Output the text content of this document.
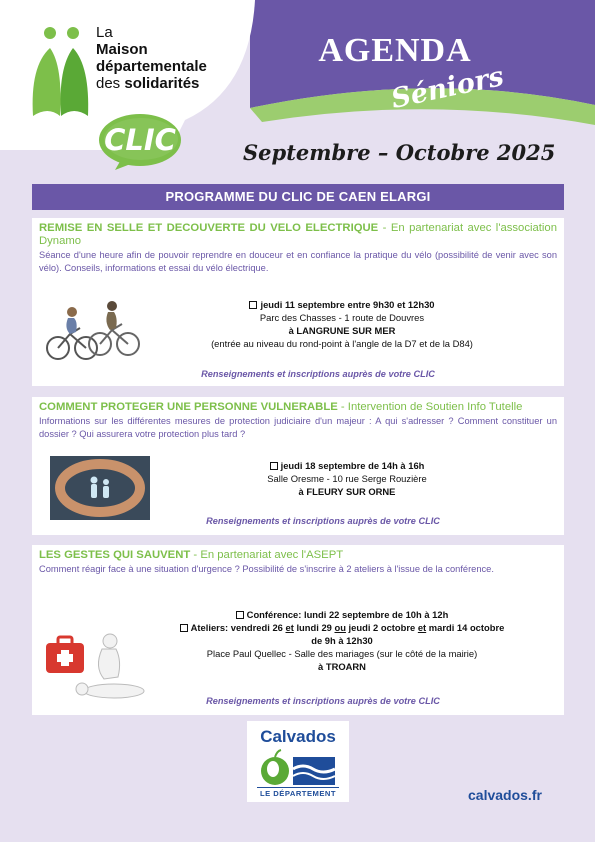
La
Maison
départementale
des solidarités
CLIC
AGENDA
Séniors
Septembre – Octobre 2025
PROGRAMME DU CLIC DE CAEN ELARGI
REMISE EN SELLE ET DECOUVERTE DU VELO ELECTRIQUE - En partenariat avec l'association Dynamo
Séance d'une heure afin de pouvoir reprendre en douceur et en confiance la pratique du vélo (possibilité de venir avec son vélo). Conseils, informations et essai du vélo électrique.
jeudi 11 septembre entre 9h30 et 12h30
Parc des Chasses - 1 route de Douvres
à LANGRUNE SUR MER
(entrée au niveau du rond-point à l'angle de la D7 et de la D84)
Renseignements et inscriptions auprès de votre CLIC
COMMENT PROTEGER UNE PERSONNE VULNERABLE - Intervention de Soutien Info Tutelle
Informations sur les différentes mesures de protection judiciaire d'un majeur : A qui s'adresser ? Comment constituer un dossier ? Qui assurera votre protection plus tard ?
jeudi 18 septembre de 14h à 16h
Salle Oresme - 10 rue Serge Rouzière
à FLEURY SUR ORNE
Renseignements et inscriptions auprès de votre CLIC
LES GESTES QUI SAUVENT - En partenariat avec l'ASEPT
Comment réagir face à une situation d'urgence ? Possibilité de s'inscrire à 2 ateliers à l'issue de la conférence.
Conférence: lundi 22 septembre de 10h à 12h
Ateliers: vendredi 26 et lundi 29 ou jeudi 2 octobre et mardi 14 octobre
de 9h à 12h30
Place Paul Quellec - Salle des mariages (sur le côté de la mairie)
à TROARN
Renseignements et inscriptions auprès de votre CLIC
Calvados
LE DÉPARTEMENT	calvados.fr
